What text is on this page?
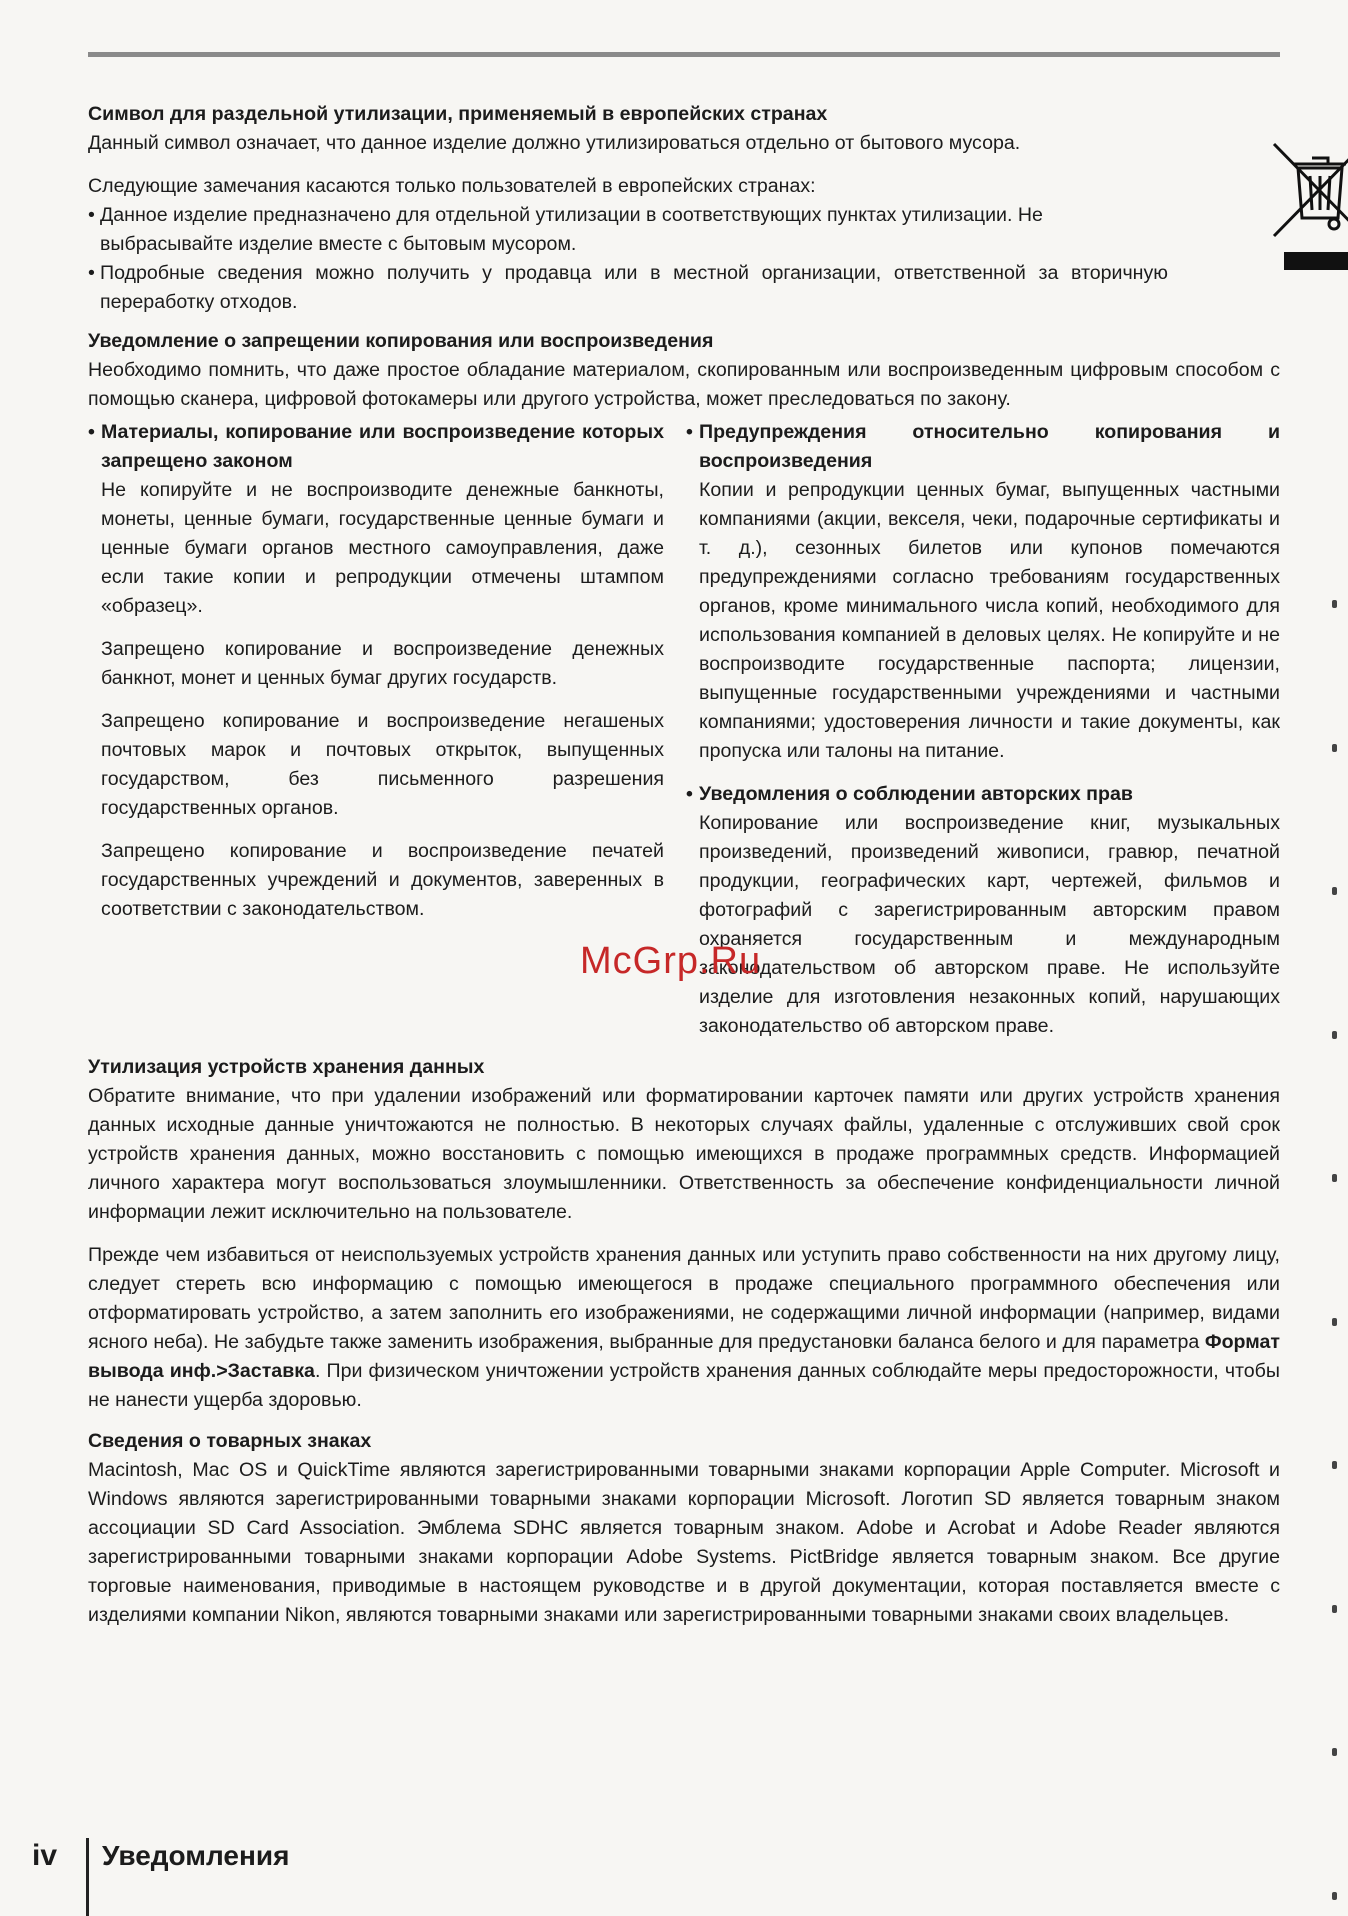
Символ для раздельной утилизации, применяемый в европейских странах

Данный символ означает, что данное изделие должно утилизироваться отдельно от бытового мусора.

Следующие замечания касаются только пользователей в европейских странах:

• Данное изделие предназначено для отдельной утилизации в соответствующих пунктах утилизации. Не выбрасывайте изделие вместе с бытовым мусором.

• Подробные сведения можно получить у продавца или в местной организации, ответственной за вторичную переработку отходов.

Уведомление о запрещении копирования или воспроизведения

Необходимо помнить, что даже простое обладание материалом, скопированным или воспроизведенным цифровым способом с помощью сканера, цифровой фотокамеры или другого устройства, может преследоваться по закону.

• Материалы, копирование или воспроизведение которых запрещено законом

Не копируйте и не воспроизводите денежные банкноты, монеты, ценные бумаги, государственные ценные бумаги и ценные бумаги органов местного самоуправления, даже если такие копии и репродукции отмечены штампом «образец».

Запрещено копирование и воспроизведение денежных банкнот, монет и ценных бумаг других государств.

Запрещено копирование и воспроизведение негашеных почтовых марок и почтовых открыток, выпущенных государством, без письменного разрешения государственных органов.

Запрещено копирование и воспроизведение печатей государственных учреждений и документов, заверенных в соответствии с законодательством.

• Предупреждения относительно копирования и воспроизведения

Копии и репродукции ценных бумаг, выпущенных частными компаниями (акции, векселя, чеки, подарочные сертификаты и т. д.), сезонных билетов или купонов помечаются предупреждениями согласно требованиям государственных органов, кроме минимального числа копий, необходимого для использования компанией в деловых целях. Не копируйте и не воспроизводите государственные паспорта; лицензии, выпущенные государственными учреждениями и частными компаниями; удостоверения личности и такие документы, как пропуска или талоны на питание.

• Уведомления о соблюдении авторских прав

Копирование или воспроизведение книг, музыкальных произведений, произведений живописи, гравюр, печатной продукции, географических карт, чертежей, фильмов и фотографий с зарегистрированным авторским правом охраняется государственным и международным законодательством об авторском праве. Не используйте изделие для изготовления незаконных копий, нарушающих законодательство об авторском праве.

Утилизация устройств хранения данных

Обратите внимание, что при удалении изображений или форматировании карточек памяти или других устройств хранения данных исходные данные уничтожаются не полностью. В некоторых случаях файлы, удаленные с отслуживших свой срок устройств хранения данных, можно восстановить с помощью имеющихся в продаже программных средств. Информацией личного характера могут воспользоваться злоумышленники. Ответственность за обеспечение конфиденциальности личной информации лежит исключительно на пользователе.

Прежде чем избавиться от неиспользуемых устройств хранения данных или уступить право собственности на них другому лицу, следует стереть всю информацию с помощью имеющегося в продаже специального программного обеспечения или отформатировать устройство, а затем заполнить его изображениями, не содержащими личной информации (например, видами ясного неба). Не забудьте также заменить изображения, выбранные для предустановки баланса белого и для параметра Формат вывода инф.>Заставка. При физическом уничтожении устройств хранения данных соблюдайте меры предосторожности, чтобы не нанести ущерба здоровью.

Сведения о товарных знаках

Macintosh, Mac OS и QuickTime являются зарегистрированными товарными знаками корпорации Apple Computer. Microsoft и Windows являются зарегистрированными товарными знаками корпорации Microsoft. Логотип SD является товарным знаком ассоциации SD Card Association. Эмблема SDHC является товарным знаком. Adobe и Acrobat и Adobe Reader являются зарегистрированными товарными знаками корпорации Adobe Systems. PictBridge является товарным знаком. Все другие торговые наименования, приводимые в настоящем руководстве и в другой документации, которая поставляется вместе с изделиями компании Nikon, являются товарными знаками или зарегистрированными товарными знаками своих владельцев.

McGrp.Ru
iv Уведомления
